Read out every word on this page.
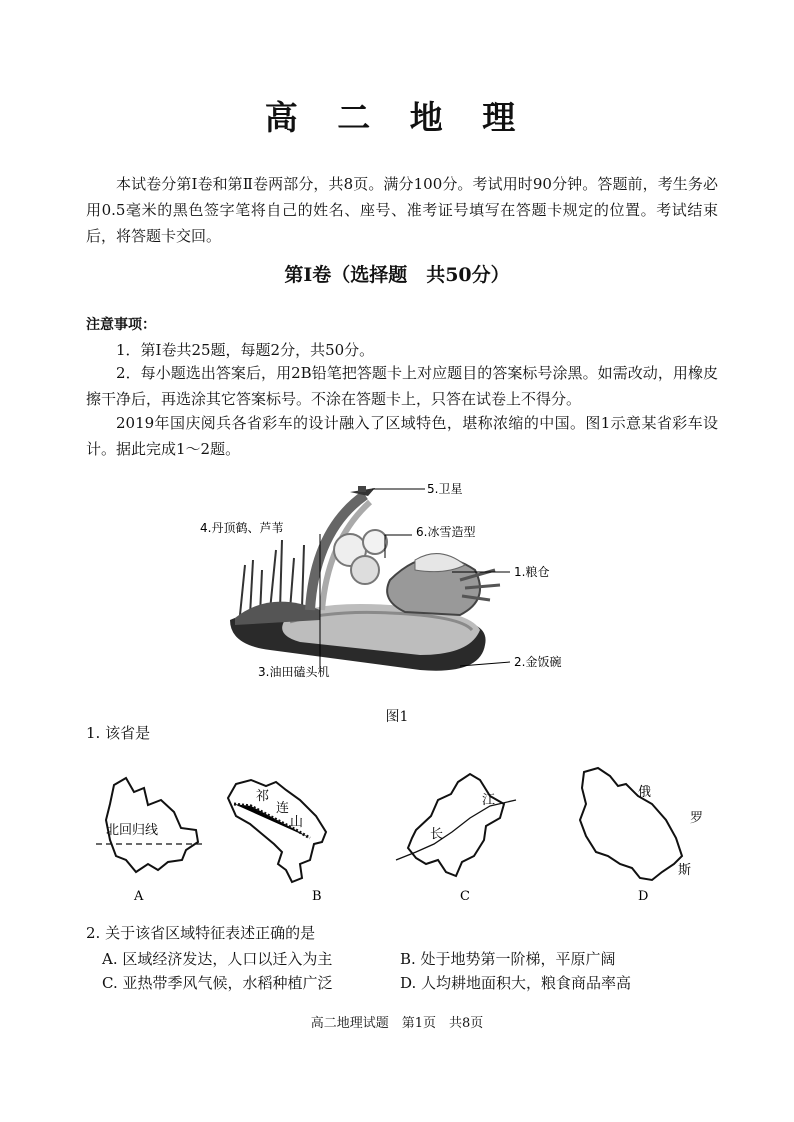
高 二 地 理
本试卷分第Ⅰ卷和第Ⅱ卷两部分，共8页。满分100分。考试用时90分钟。答题前，考生务必用0.5毫米的黑色签字笔将自己的姓名、座号、准考证号填写在答题卡规定的位置。考试结束后，将答题卡交回。
第Ⅰ卷（选择题　共50分）
注意事项：
1．第Ⅰ卷共25题，每题2分，共50分。
2．每小题选出答案后，用2B铅笔把答题卡上对应题目的答案标号涂黑。如需改动，用橡皮擦干净后，再选涂其它答案标号。不涂在答题卡上，只答在试卷上不得分。
2019年国庆阅兵各省彩车的设计融入了区域特色，堪称浓缩的中国。图1示意某省彩车设计。据此完成1～2题。
5.卫星
4.丹顶鹤、芦苇	6.冰雪造型
1.粮仓
2.金饭碗
3.油田磕头机
图1
1. 该省是
北回归线
A
祁
连
山
B
江
长
C
俄
罗
斯
D
2. 关于该省区域特征表述正确的是
A. 区域经济发达，人口以迁入为主	B. 处于地势第一阶梯，平原广阔
C. 亚热带季风气候，水稻种植广泛	D. 人均耕地面积大，粮食商品率高
高二地理试题　第1页　共8页
